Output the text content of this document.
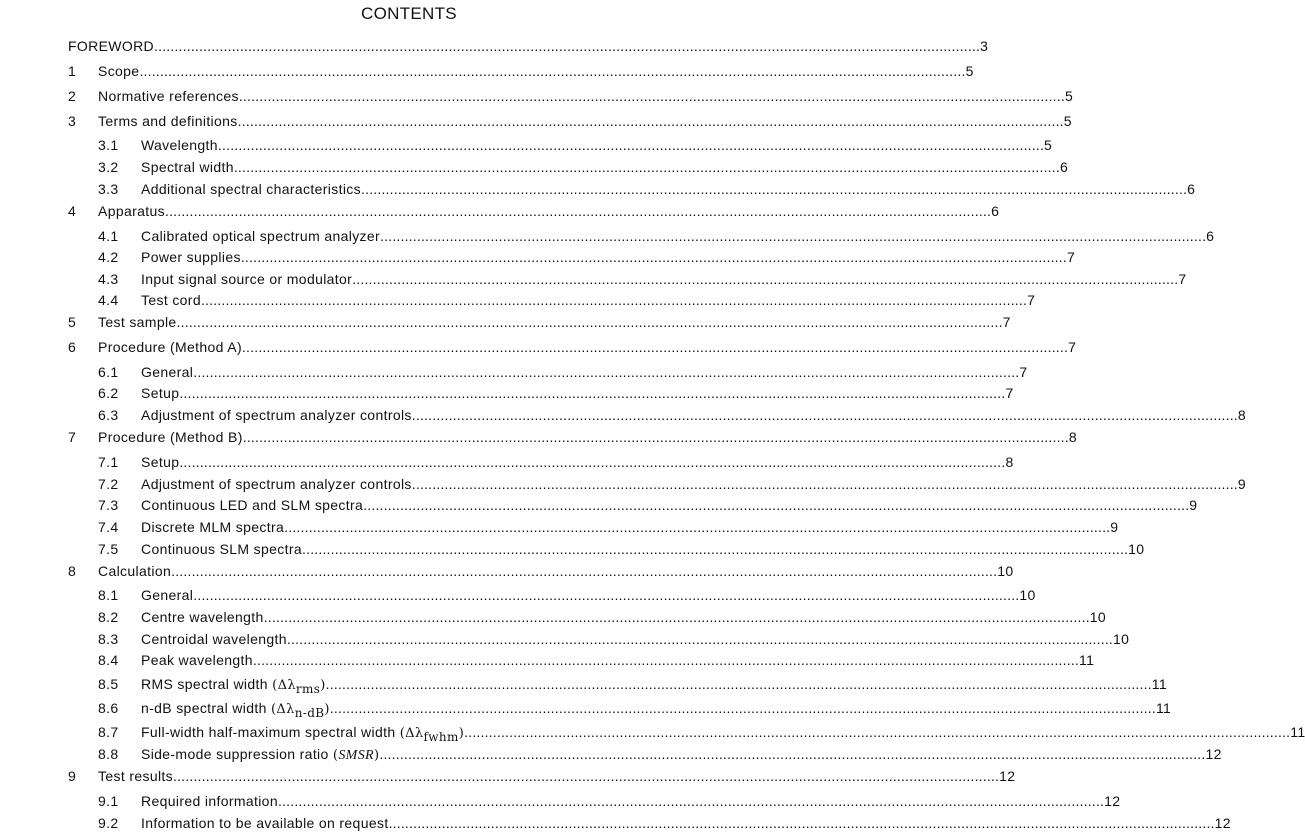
CONTENTS
FOREWORD .......................................................................................................................................................................................................... 3
1	Scope .......................................................................................................................................................................................................... 5
2	Normative references .......................................................................................................................................................................................................... 5
3	Terms and definitions .......................................................................................................................................................................................................... 5
3.1	Wavelength .......................................................................................................................................................................................................... 5
3.2	Spectral width .......................................................................................................................................................................................................... 6
3.3	Additional spectral characteristics .......................................................................................................................................................................................................... 6
4	Apparatus .......................................................................................................................................................................................................... 6
4.1	Calibrated optical spectrum analyzer .......................................................................................................................................................................................................... 6
4.2	Power supplies .......................................................................................................................................................................................................... 7
4.3	Input signal source or modulator .......................................................................................................................................................................................................... 7
4.4	Test cord .......................................................................................................................................................................................................... 7
5	Test sample .......................................................................................................................................................................................................... 7
6	Procedure (Method A) .......................................................................................................................................................................................................... 7
6.1	General .......................................................................................................................................................................................................... 7
6.2	Setup .......................................................................................................................................................................................................... 7
6.3	Adjustment of spectrum analyzer controls .......................................................................................................................................................................................................... 8
7	Procedure (Method B) .......................................................................................................................................................................................................... 8
7.1	Setup .......................................................................................................................................................................................................... 8
7.2	Adjustment of spectrum analyzer controls .......................................................................................................................................................................................................... 9
7.3	Continuous LED and SLM spectra .......................................................................................................................................................................................................... 9
7.4	Discrete MLM spectra .......................................................................................................................................................................................................... 9
7.5	Continuous SLM spectra .......................................................................................................................................................................................................... 10
8	Calculation .......................................................................................................................................................................................................... 10
8.1	General .......................................................................................................................................................................................................... 10
8.2	Centre wavelength .......................................................................................................................................................................................................... 10
8.3	Centroidal wavelength .......................................................................................................................................................................................................... 10
8.4	Peak wavelength .......................................................................................................................................................................................................... 11
8.5	RMS spectral width $(\Delta\lambda_{rms})$ .......................................................................................................................................................................................................... 11
8.6	n-dB spectral width $(\Delta\lambda_{n-dB})$ .......................................................................................................................................................................................................... 11
8.7	Full-width half-maximum spectral width $(\Delta\lambda_{fwhm})$ .......................................................................................................................................................................................................... 11
8.8	Side-mode suppression ratio (SMSR) .......................................................................................................................................................................................................... 12
9	Test results .......................................................................................................................................................................................................... 12
9.1	Required information .......................................................................................................................................................................................................... 12
9.2	Information to be available on request .......................................................................................................................................................................................................... 12
